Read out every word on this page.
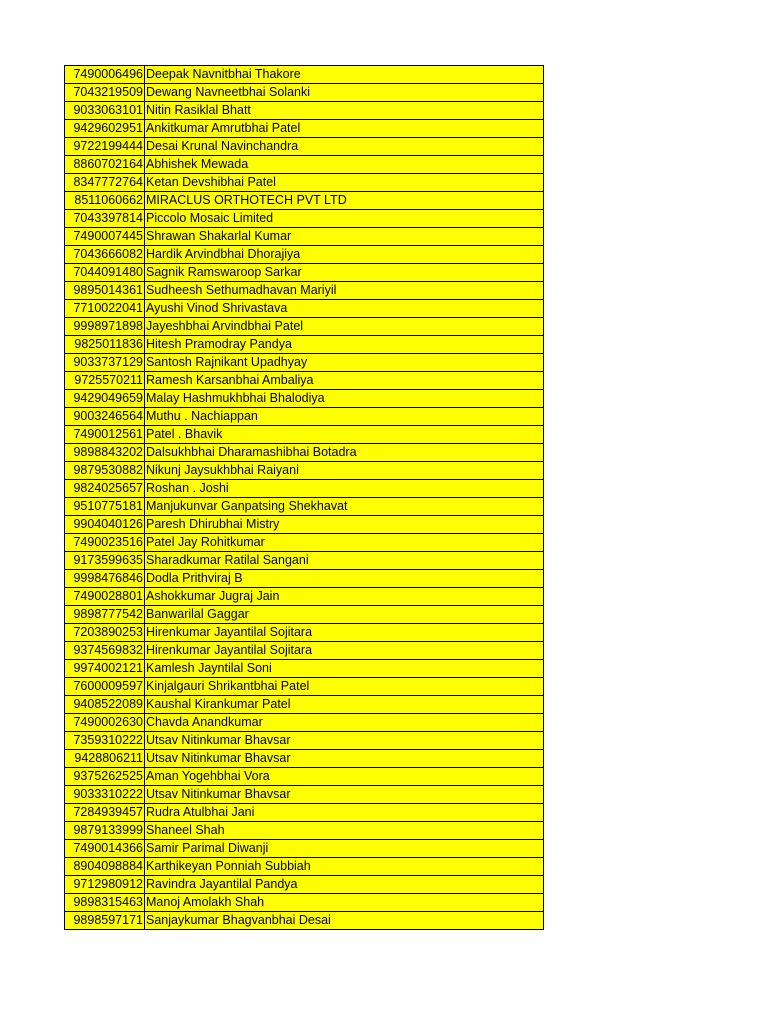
7490006496	Deepak Navnitbhai Thakore
7043219509	Dewang Navneetbhai Solanki
9033063101	Nitin Rasiklal Bhatt
9429602951	Ankitkumar Amrutbhai Patel
9722199444	Desai Krunal Navinchandra
8860702164	Abhishek Mewada
8347772764	Ketan Devshibhai Patel
8511060662	MIRACLUS ORTHOTECH PVT LTD
7043397814	Piccolo Mosaic Limited
7490007445	Shrawan Shakarlal Kumar
7043666082	Hardik Arvindbhai Dhorajiya
7044091480	Sagnik Ramswaroop Sarkar
9895014361	Sudheesh Sethumadhavan Mariyil
7710022041	Ayushi Vinod Shrivastava
9998971898	Jayeshbhai Arvindbhai Patel
9825011836	Hitesh Pramodray Pandya
9033737129	Santosh Rajnikant Upadhyay
9725570211	Ramesh Karsanbhai Ambaliya
9429049659	Malay Hashmukhbhai Bhalodiya
9003246564	Muthu . Nachiappan
7490012561	Patel . Bhavik
9898843202	Dalsukhbhai Dharamashibhai Botadra
9879530882	Nikunj Jaysukhbhai Raiyani
9824025657	Roshan . Joshi
9510775181	Manjukunvar Ganpatsing Shekhavat
9904040126	Paresh Dhirubhai Mistry
7490023516	Patel Jay Rohitkumar
9173599635	Sharadkumar Ratilal Sangani
9998476846	Dodla Prithviraj B
7490028801	Ashokkumar Jugraj Jain
9898777542	Banwarilal Gaggar
7203890253	Hirenkumar Jayantilal Sojitara
9374569832	Hirenkumar Jayantilal Sojitara
9974002121	Kamlesh Jayntilal Soni
7600009597	Kinjalgauri Shrikantbhai Patel
9408522089	Kaushal Kirankumar Patel
7490002630	Chavda Anandkumar
7359310222	Utsav Nitinkumar Bhavsar
9428806211	Utsav Nitinkumar Bhavsar
9375262525	Aman Yogehbhai Vora
9033310222	Utsav Nitinkumar Bhavsar
7284939457	Rudra Atulbhai Jani
9879133999	Shaneel Shah
7490014366	Samir Parimal Diwanji
8904098884	Karthikeyan Ponniah Subbiah
9712980912	Ravindra Jayantilal Pandya
9898315463	Manoj Amolakh Shah
9898597171	Sanjaykumar Bhagvanbhai Desai
